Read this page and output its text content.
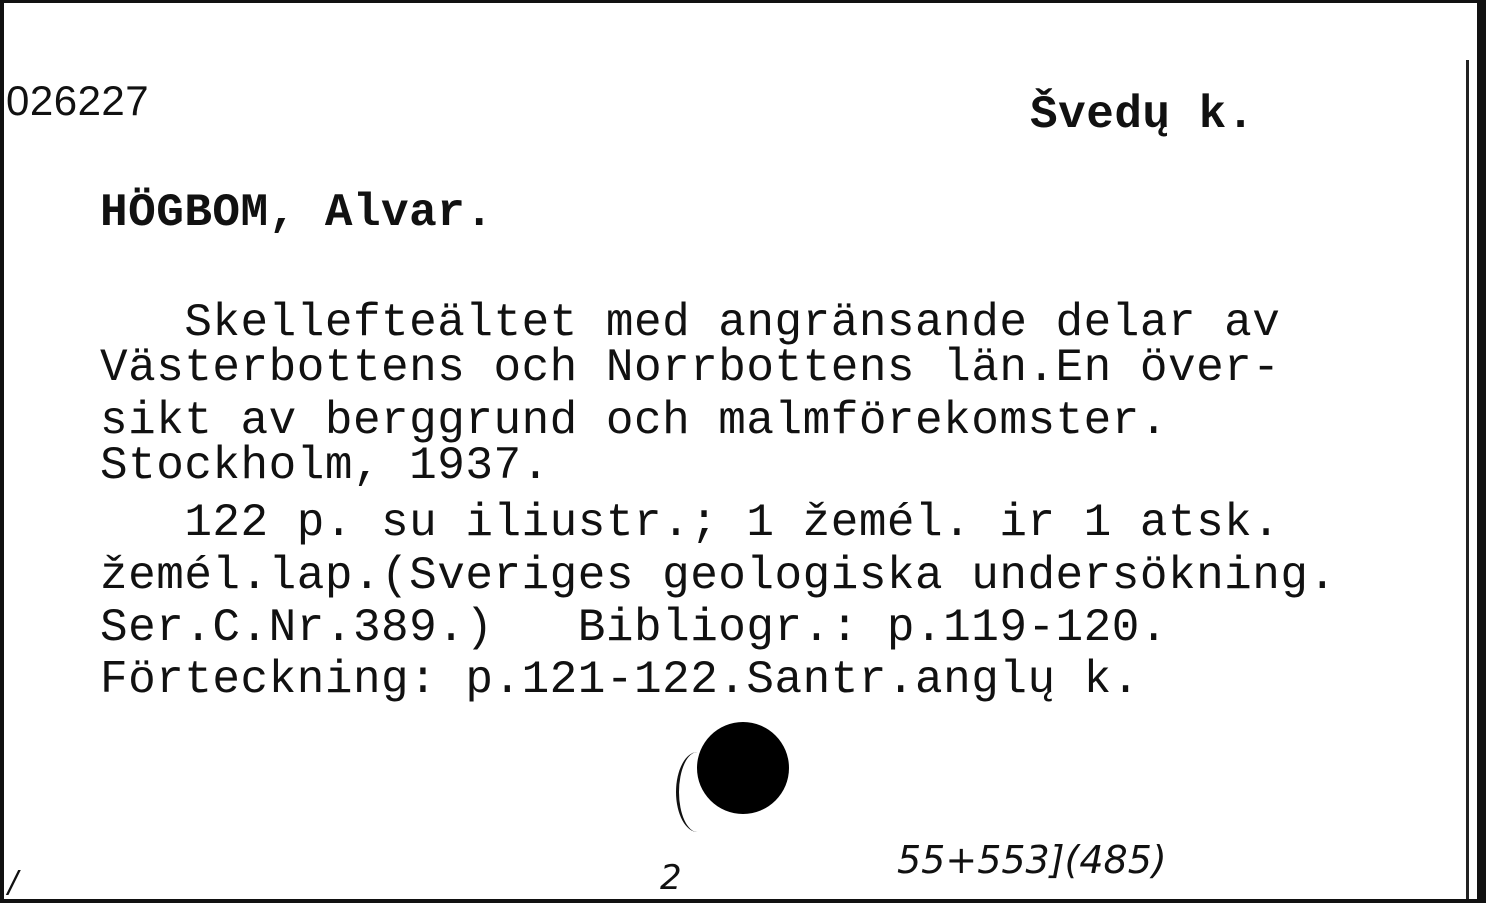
026227	Švedų k.
HÖGBOM, Alvar.
Skellefteältet med angränsande delar av
Västerbottens och Norrbottens län.En över-
sikt av berggrund och malmförekomster.
Stockholm, 1937.
122 p. su iliustr.; 1 žemél. ir 1 atsk.
žemél.lap.(Sveriges geologiska undersökning.
Ser.C.Nr.389.)   Bibliogr.: p.119-120.
Förteckning: p.121-122.Santr.anglų k.
55+553](485)
2
/
